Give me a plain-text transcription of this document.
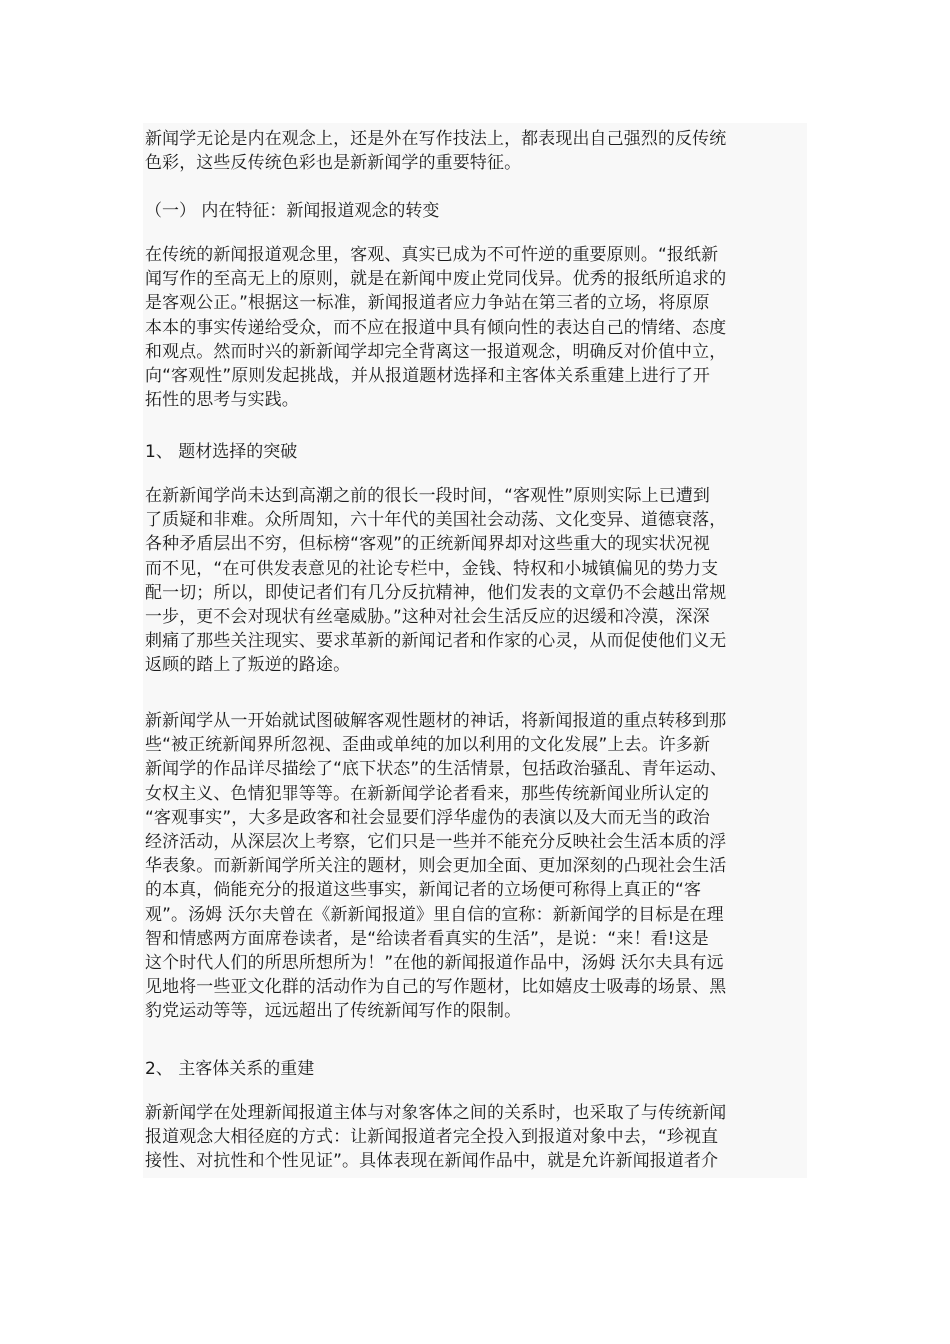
新闻学无论是内在观念上，还是外在写作技法上，都表现出自己强烈的反传统
色彩，这些反传统色彩也是新新闻学的重要特征。

（一） 内在特征：新闻报道观念的转变

在传统的新闻报道观念里，客观、真实已成为不可忤逆的重要原则。“报纸新
闻写作的至高无上的原则，就是在新闻中废止党同伐异。优秀的报纸所追求的
是客观公正。”根据这一标准，新闻报道者应力争站在第三者的立场，将原原
本本的事实传递给受众，而不应在报道中具有倾向性的表达自己的情绪、态度
和观点。然而时兴的新新闻学却完全背离这一报道观念，明确反对价值中立，
向“客观性”原则发起挑战，并从报道题材选择和主客体关系重建上进行了开
拓性的思考与实践。

1、 题材选择的突破

在新新闻学尚未达到高潮之前的很长一段时间，“客观性”原则实际上已遭到
了质疑和非难。众所周知，六十年代的美国社会动荡、文化变异、道德衰落，
各种矛盾层出不穷，但标榜“客观”的正统新闻界却对这些重大的现实状况视
而不见，“在可供发表意见的社论专栏中，金钱、特权和小城镇偏见的势力支
配一切；所以，即使记者们有几分反抗精神，他们发表的文章仍不会越出常规
一步，更不会对现状有丝毫威胁。”这种对社会生活反应的迟缓和冷漠，深深
刺痛了那些关注现实、要求革新的新闻记者和作家的心灵，从而促使他们义无
返顾的踏上了叛逆的路途。

新新闻学从一开始就试图破解客观性题材的神话，将新闻报道的重点转移到那
些“被正统新闻界所忽视、歪曲或单纯的加以利用的文化发展”上去。许多新
新闻学的作品详尽描绘了“底下状态”的生活情景，包括政治骚乱、青年运动、
女权主义、色情犯罪等等。在新新闻学论者看来，那些传统新闻业所认定的
“客观事实”，大多是政客和社会显要们浮华虚伪的表演以及大而无当的政治
经济活动，从深层次上考察，它们只是一些并不能充分反映社会生活本质的浮
华表象。而新新闻学所关注的题材，则会更加全面、更加深刻的凸现社会生活
的本真，倘能充分的报道这些事实，新闻记者的立场便可称得上真正的“客
观”。汤姆 沃尔夫曾在《新新闻报道》里自信的宣称：新新闻学的目标是在理
智和情感两方面席卷读者，是“给读者看真实的生活”，是说：“来！看!这是
这个时代人们的所思所想所为！”在他的新闻报道作品中，汤姆 沃尔夫具有远
见地将一些亚文化群的活动作为自己的写作题材，比如嬉皮士吸毒的场景、黑
豹党运动等等，远远超出了传统新闻写作的限制。

2、 主客体关系的重建

新新闻学在处理新闻报道主体与对象客体之间的关系时，也采取了与传统新闻
报道观念大相径庭的方式：让新闻报道者完全投入到报道对象中去，“珍视直
接性、对抗性和个性见证”。具体表现在新闻作品中，就是允许新闻报道者介
